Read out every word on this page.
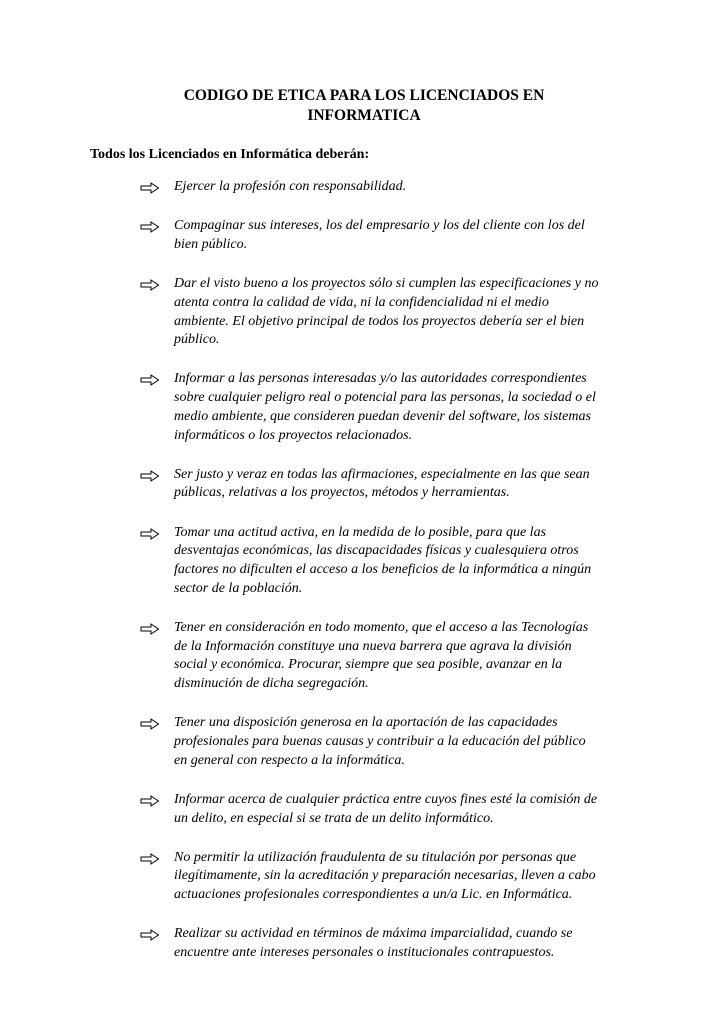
CODIGO DE ETICA PARA LOS LICENCIADOS EN
INFORMATICA

Todos los Licenciados en Informática deberán:

Ejercer la profesión con responsabilidad.
Compaginar sus intereses, los del empresario y los del cliente con los del
bien público.
Dar el visto bueno a los proyectos sólo si cumplen las especificaciones y no
atenta contra la calidad de vida, ni la confidencialidad ni el medio
ambiente. El objetivo principal de todos los proyectos debería ser el bien
público.
Informar a las personas interesadas y/o las autoridades correspondientes
sobre cualquier peligro real o potencial para las personas, la sociedad o el
medio ambiente, que consideren puedan devenir del software, los sistemas
informáticos o los proyectos relacionados.
Ser justo y veraz en todas las afirmaciones, especialmente en las que sean
públicas, relativas a los proyectos, métodos y herramientas.
Tomar una actitud activa, en la medida de lo posible, para que las
desventajas económicas, las discapacidades físicas y cualesquiera otros
factores no dificulten el acceso a los beneficios de la informática a ningún
sector de la población.
Tener en consideración en todo momento, que el acceso a las Tecnologías
de la Información constituye una nueva barrera que agrava la división
social y económica. Procurar, siempre que sea posible, avanzar en la
disminución de dicha segregación.
Tener una disposición generosa en la aportación de las capacidades
profesionales para buenas causas y contribuir a la educación del público
en general con respecto a la informática.
Informar acerca de cualquier práctica entre cuyos fines esté la comisión de
un delito, en especial si se trata de un delito informático.
No permitir la utilización fraudulenta de su titulación por personas que
ilegítimamente, sin la acreditación y preparación necesarias, lleven a cabo
actuaciones profesionales correspondientes a un/a Lic. en Informática.
Realizar su actividad en términos de máxima imparcialidad, cuando se
encuentre ante intereses personales o institucionales contrapuestos.
